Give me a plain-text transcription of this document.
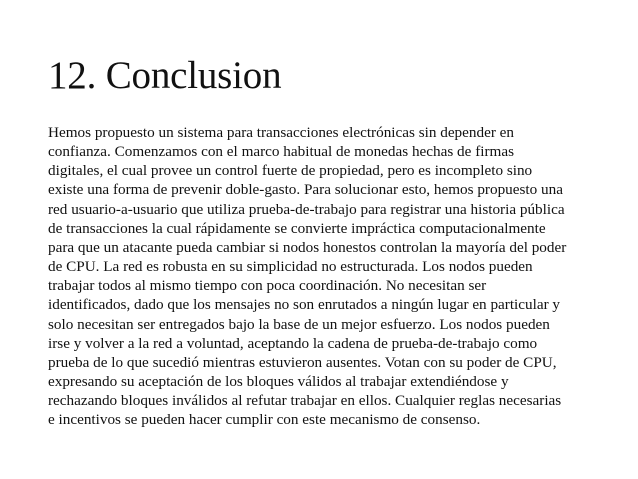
12. Conclusion

Hemos propuesto un sistema para transacciones electrónicas sin depender en
confianza. Comenzamos con el marco habitual de monedas hechas de firmas
digitales, el cual provee un control fuerte de propiedad, pero es incompleto sino
existe una forma de prevenir doble-gasto. Para solucionar esto, hemos propuesto una
red usuario-a-usuario que utiliza prueba-de-trabajo para registrar una historia pública
de transacciones la cual rápidamente se convierte impráctica computacionalmente
para que un atacante pueda cambiar si nodos honestos controlan la mayoría del poder
de CPU. La red es robusta en su simplicidad no estructurada. Los nodos pueden
trabajar todos al mismo tiempo con poca coordinación. No necesitan ser
identificados, dado que los mensajes no son enrutados a ningún lugar en particular y
solo necesitan ser entregados bajo la base de un mejor esfuerzo. Los nodos pueden
irse y volver a la red a voluntad, aceptando la cadena de prueba-de-trabajo como
prueba de lo que sucedió mientras estuvieron ausentes. Votan con su poder de CPU,
expresando su aceptación de los bloques válidos al trabajar extendiéndose y
rechazando bloques inválidos al refutar trabajar en ellos. Cualquier reglas necesarias
e incentivos se pueden hacer cumplir con este mecanismo de consenso.
